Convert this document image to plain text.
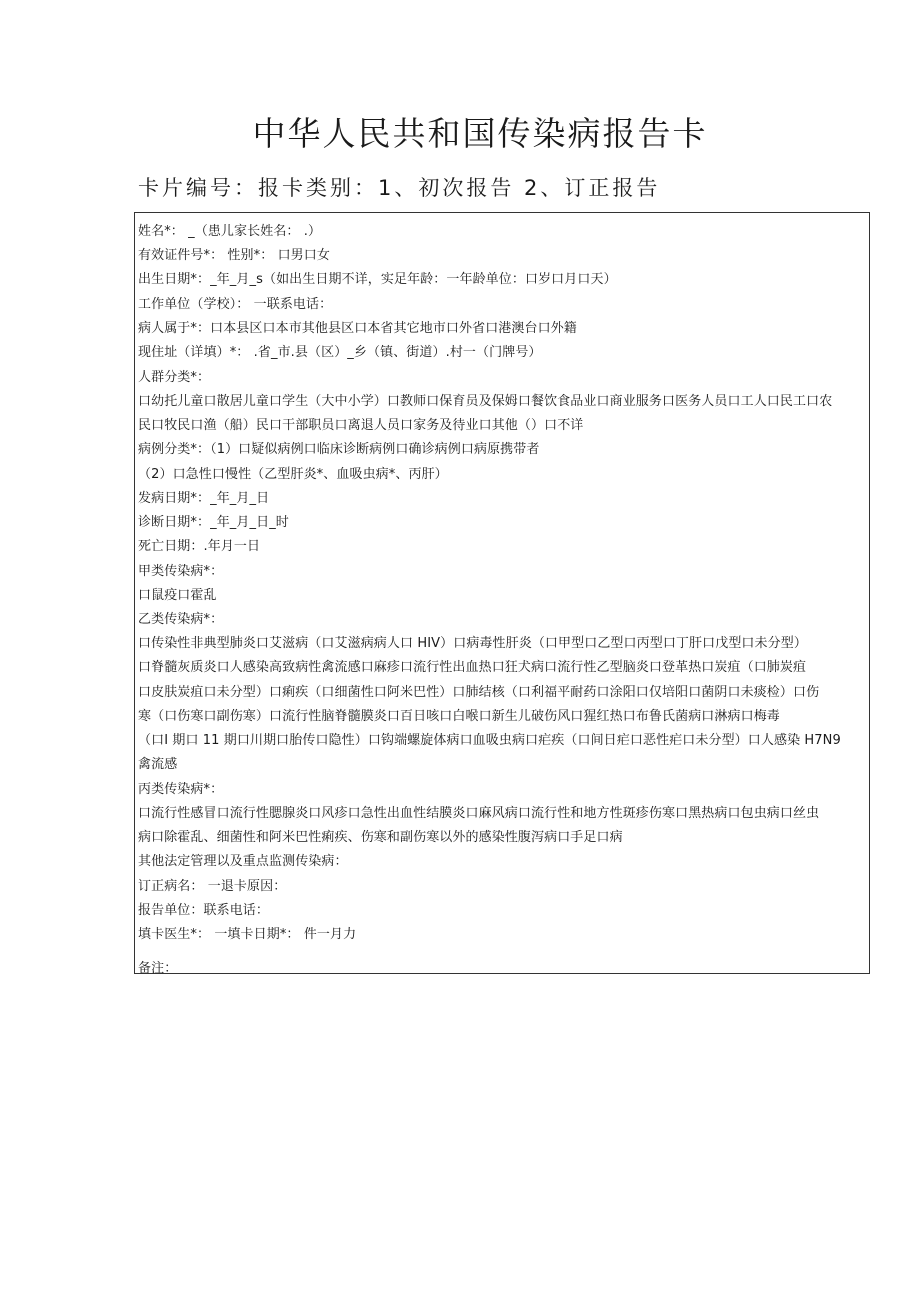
中华人民共和国传染病报告卡
卡片编号：报卡类别：1、初次报告 2、订正报告
姓名*： _（患儿家长姓名： .）
有效证件号*： 性别*： 口男口女
出生日期*：_年_月_s（如出生日期不详，实足年龄：一年龄单位：口岁口月口天）
工作单位（学校）： 一联系电话：
病人属于*：口本县区口本市其他县区口本省其它地市口外省口港澳台口外籍
现住址（详填）*： .省_市.县（区）_乡（镇、街道）.村一（门牌号）
人群分类*：
口幼托儿童口散居儿童口学生（大中小学）口教师口保育员及保姆口餐饮食品业口商业服务口医务人员口工人口民工口农
民口牧民口渔（船）民口干部职员口离退人员口家务及待业口其他（）口不详
病例分类*：（1）口疑似病例口临床诊断病例口确诊病例口病原携带者
（2）口急性口慢性（乙型肝炎*、血吸虫病*、丙肝）
发病日期*：_年_月_日
诊断日期*：_年_月_日_时
死亡日期：.年月一日
甲类传染病*：
口鼠疫口霍乱
乙类传染病*：
口传染性非典型肺炎口艾滋病（口艾滋病病人口 HIV）口病毒性肝炎（口甲型口乙型口丙型口丁肝口戊型口未分型）
口脊髓灰质炎口人感染高致病性禽流感口麻疹口流行性出血热口狂犬病口流行性乙型脑炎口登革热口炭疽（口肺炭疽
口皮肤炭疽口未分型）口痢疾（口细菌性口阿米巴性）口肺结核（口利福平耐药口涂阳口仅培阳口菌阴口未痰检）口伤
寒（口伤寒口副伤寒）口流行性脑脊髓膜炎口百日咳口白喉口新生儿破伤风口猩红热口布鲁氏菌病口淋病口梅毒
（口I 期口 11 期口川期口胎传口隐性）口钩端螺旋体病口血吸虫病口疟疾（口间日疟口恶性疟口未分型）口人感染 H7N9
禽流感
丙类传染病*：
口流行性感冒口流行性腮腺炎口风疹口急性出血性结膜炎口麻风病口流行性和地方性斑疹伤寒口黑热病口包虫病口丝虫
病口除霍乱、细菌性和阿米巴性痢疾、伤寒和副伤寒以外的感染性腹泻病口手足口病
其他法定管理以及重点监测传染病：
订正病名： 一退卡原因：
报告单位：联系电话：
填卡医生*： 一填卡日期*： 件一月力
备注：
